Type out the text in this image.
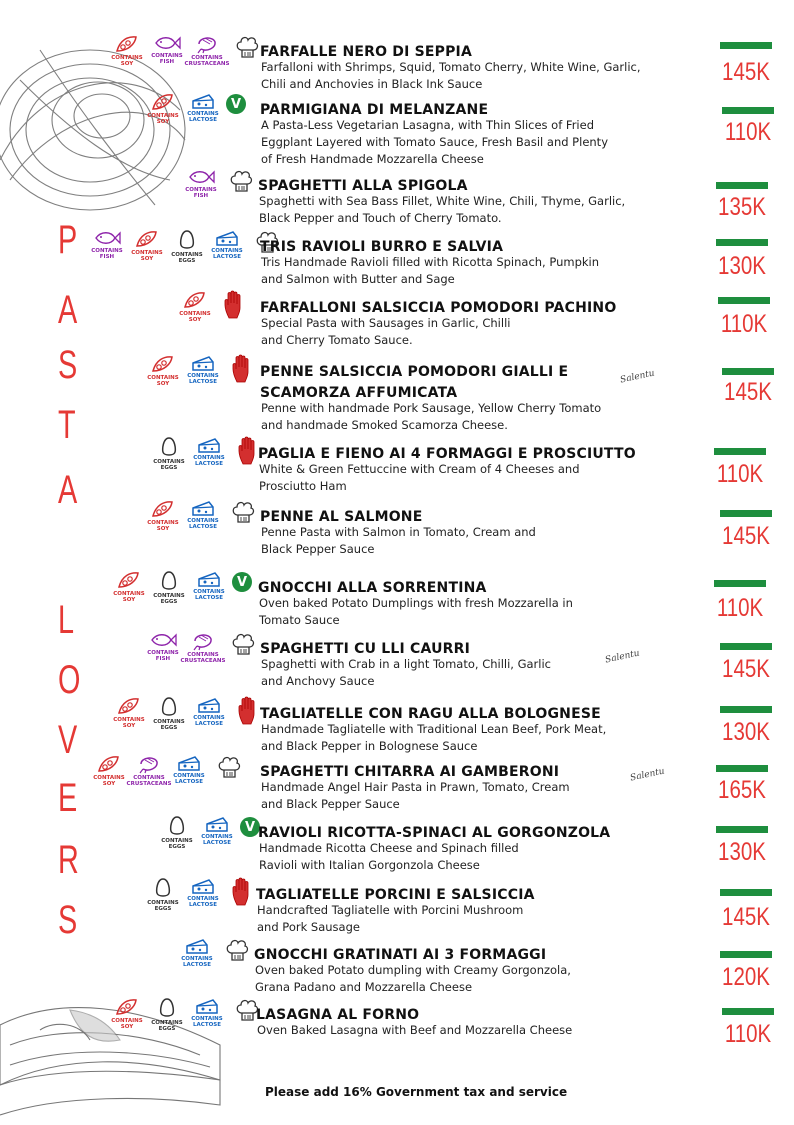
P
A
S
T
A
L
O
V
E
R
S
CONTAINS
SOY
CONTAINS
FISH
CONTAINS
CRUSTACEANS
FARFALLE NERO DI SEPPIA
Farfalloni with Shrimps, Squid, Tomato Cherry, White Wine, Garlic,
Chili and Anchovies in Black Ink Sauce	145K
CONTAINS
SOY
CONTAINS
LACTOSE
V	PARMIGIANA DI MELANZANE
A Pasta-Less Vegetarian Lasagna, with Thin Slices of Fried
Eggplant Layered with Tomato Sauce, Fresh Basil and Plenty
of Fresh Handmade Mozzarella Cheese
110K
CONTAINS
FISH
SPAGHETTI ALLA SPIGOLA
Spaghetti with Sea Bass Fillet, White Wine, Chili, Thyme, Garlic,
Black Pepper and Touch of Cherry Tomato.	135K
CONTAINS
FISH
CONTAINS
SOY
CONTAINS
EGGS
CONTAINS
LACTOSE
TRIS RAVIOLI BURRO E SALVIA
Tris Handmade Ravioli filled with Ricotta Spinach, Pumpkin
and Salmon with Butter and Sage	130K
CONTAINS
SOY
FARFALLONI SALSICCIA POMODORI PACHINO
Special Pasta with Sausages in Garlic, Chilli
and Cherry Tomato Sauce.
110K
CONTAINS
SOY
CONTAINS
LACTOSE
PENNE SALSICCIA POMODORI GIALLI E
SCAMORZA AFFUMICATA
Penne with handmade Pork Sausage, Yellow Cherry Tomato
and handmade Smoked Scamorza Cheese.
145K
CONTAINS
EGGS
CONTAINS
LACTOSE
PAGLIA E FIENO AI 4 FORMAGGI E PROSCIUTTO
White & Green Fettuccine with Cream of 4 Cheeses and
Prosciutto Ham	110K
CONTAINS
SOY
CONTAINS
LACTOSE
PENNE AL SALMONE
Penne Pasta with Salmon in Tomato, Cream and
Black Pepper Sauce	145K
CONTAINS
SOY
CONTAINS
EGGS
CONTAINS
LACTOSE
V GNOCCHI ALLA SORRENTINA
Oven baked Potato Dumplings with fresh Mozzarella in
Tomato Sauce	110K
CONTAINS
FISH
CONTAINS
CRUSTACEANS
SPAGHETTI CU LLI CAURRI
Spaghetti with Crab in a light Tomato, Chilli, Garlic
and Anchovy Sauce	145K
CONTAINS
SOY
CONTAINS
EGGS
CONTAINS
LACTOSE
TAGLIATELLE CON RAGU ALLA BOLOGNESE
Handmade Tagliatelle with Traditional Lean Beef, Pork Meat,
and Black Pepper in Bolognese Sauce	130K
CONTAINS
SOY
CONTAINS
CRUSTACEANS
CONTAINS
LACTOSE
SPAGHETTI CHITARRA AI GAMBERONI
Handmade Angel Hair Pasta in Prawn, Tomato, Cream
and Black Pepper Sauce	165K
CONTAINS
EGGS
CONTAINS
LACTOSE
V RAVIOLI RICOTTA-SPINACI AL GORGONZOLA
Handmade Ricotta Cheese and Spinach filled
Ravioli with Italian Gorgonzola Cheese	130K
CONTAINS
EGGS
CONTAINS
LACTOSE
TAGLIATELLE PORCINI E SALSICCIA
Handcrafted Tagliatelle with Porcini Mushroom
and Pork Sausage	145K
CONTAINS
LACTOSE
GNOCCHI GRATINATI AI 3 FORMAGGI
Oven baked Potato dumpling with Creamy Gorgonzola,
Grana Padano and Mozzarella Cheese	120K
CONTAINS
SOY
CONTAINS
EGGS
CONTAINS
LACTOSE
LASAGNA AL FORNO
Oven Baked Lasagna with Beef and Mozzarella Cheese	110K
Salentu
Salentu
Salentu
Please add 16% Government tax and service
